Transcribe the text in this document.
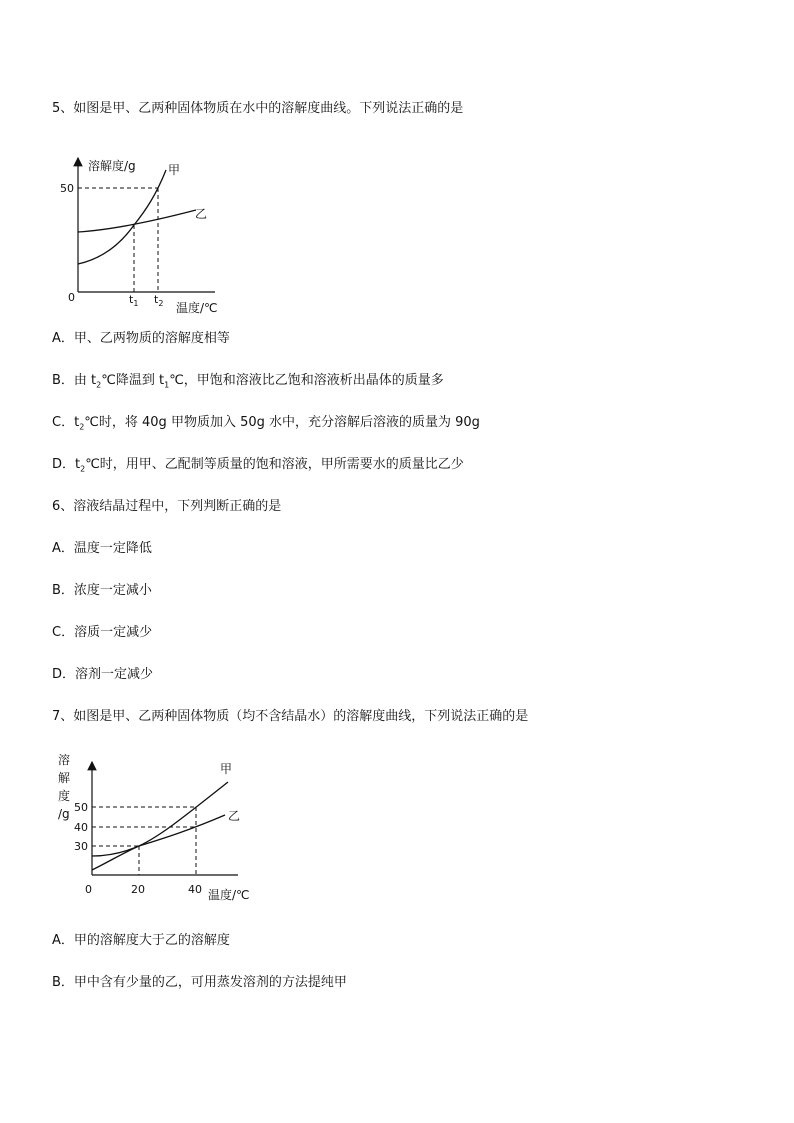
5、如图是甲、乙两种固体物质在水中的溶解度曲线。下列说法正确的是
溶解度/g	甲
乙
50
0	$t_1$ $t_2$ 温度/℃
A．甲、乙两物质的溶解度相等
B．由 $t_2℃$降温到 $t_1℃$，甲饱和溶液比乙饱和溶液析出晶体的质量多
C．$t_2℃$时，将 40g 甲物质加入 50g 水中，充分溶解后溶液的质量为 90g
D．$t_2℃$时，用甲、乙配制等质量的饱和溶液，甲所需要水的质量比乙少
6、溶液结晶过程中，下列判断正确的是
A．温度一定降低
B．浓度一定减小
C．溶质一定减少
D．溶剂一定减少
7、如图是甲、乙两种固体物质（均不含结晶水）的溶解度曲线，下列说法正确的是
溶
解
度
/g
甲
乙
50
40
30
0	20	40 温度/℃
A．甲的溶解度大于乙的溶解度
B．甲中含有少量的乙，可用蒸发溶剂的方法提纯甲
